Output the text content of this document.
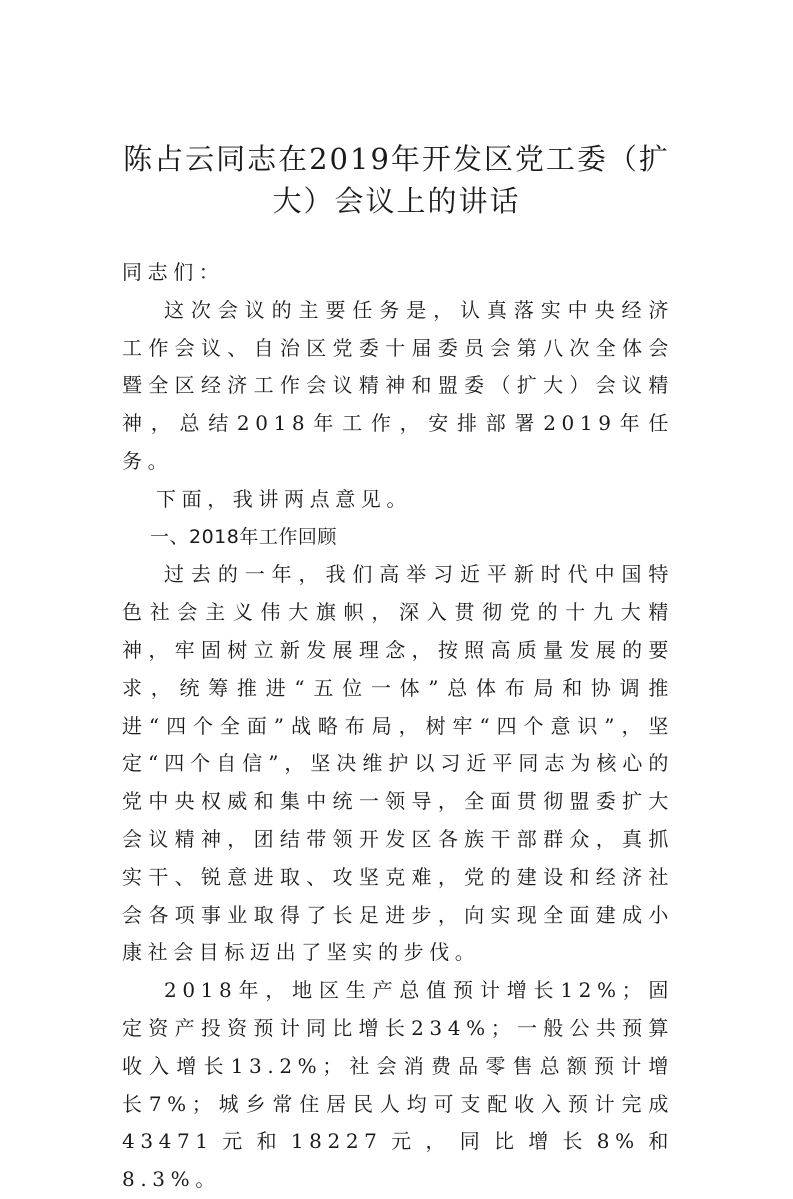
陈占云同志在2019年开发区党工委（扩大）会议上的讲话

同志们：

这次会议的主要任务是，认真落实中央经济工作会议、自治区党委十届委员会第八次全体会暨全区经济工作会议精神和盟委（扩大）会议精神，总结2018年工作，安排部署2019年任务。

下面，我讲两点意见。

一、2018年工作回顾

过去的一年，我们高举习近平新时代中国特色社会主义伟大旗帜，深入贯彻党的十九大精神，牢固树立新发展理念，按照高质量发展的要求，统筹推进“五位一体”总体布局和协调推进“四个全面”战略布局，树牢“四个意识”，坚定“四个自信”，坚决维护以习近平同志为核心的党中央权威和集中统一领导，全面贯彻盟委扩大会议精神，团结带领开发区各族干部群众，真抓实干、锐意进取、攻坚克难，党的建设和经济社会各项事业取得了长足进步，向实现全面建成小康社会目标迈出了坚实的步伐。

2018年，地区生产总值预计增长12%；固定资产投资预计同比增长234%；一般公共预算收入增长13.2%；社会消费品零售总额预计增长7%；城乡常住居民人均可支配收入预计完成43471元和18227元，同比增长8%和8.3%。
